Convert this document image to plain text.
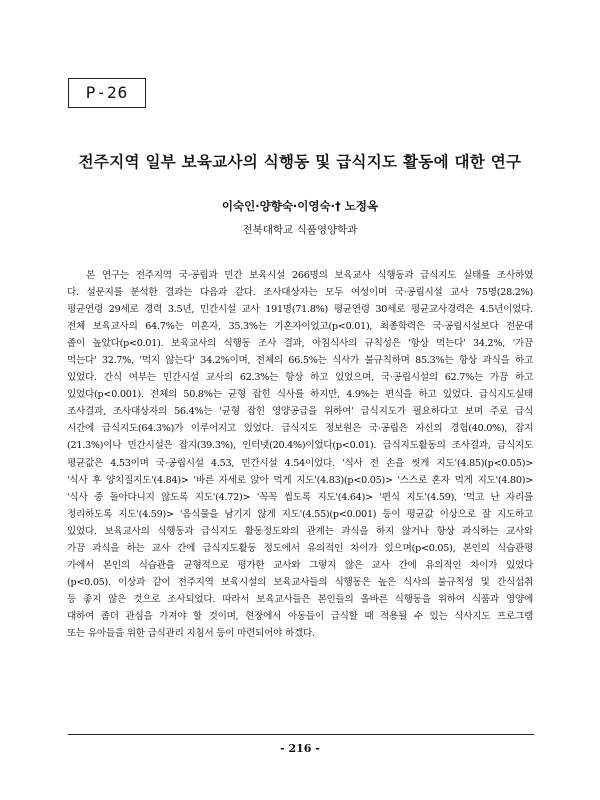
P-26
전주지역 일부 보육교사의 식행동 및 급식지도 활동에 대한 연구
이숙인·양향숙·이영숙·† 노정옥
전북대학교 식품영양학과
본 연구는 전주지역 국·공립과 민간 보육시설 266명의 보육교사 식행동과 급식지도 실태를 조사하였
다. 설문지를 분석한 결과는 다음과 같다. 조사대상자는 모두 여성이며 국·공립시설 교사 75명(28.2%)
평균연령 29세로 경력 3.5년, 민간시설 교사 191명(71.8%) 평균연령 30세로 평균교사경력은 4.5년이었다.
전체 보육교사의 64.7%는 미혼자, 35.3%는 기혼자이었고(p<0.01), 최종학력은 국·공립시설보다 전문대
졸이 높았다(p<0.01). 보육교사의 식행동 조사 결과, 아침식사의 규칙성은 '항상 먹는다' 34.2%, '가끔
먹는다' 32.7%, '먹지 않는다' 34.2%이며, 전체의 66.5%는 식사가 불규칙하며 85.3%는 항상 과식을 하고
있었다. 간식 여부는 민간시설 교사의 62.3%는 항상 하고 있었으며, 국·공립시설의 62.7%는 가끔 하고
있었다(p<0.001). 전체의 50.8%는 균형 잡힌 식사를 하지만, 4.9%는 편식을 하고 있었다. 급식지도실태
조사결과, 조사대상자의 56.4%는 '균형 잡힌 영양공급을 위하여' 급식지도가 필요하다고 보며 주로 급식
시간에 급식지도(64.3%)가 이루어지고 있었다. 급식지도 정보원은 국·공립은 자신의 경험(40.0%), 잡지
(21.3%)이나 민간시설은 잡지(39.3%), 인터넷(20.4%)이었다(p<0.01). 급식지도활동의 조사결과, 급식지도
평균값은 4.53이며 국·공립시설 4.53, 민간시설 4.54이었다. '식사 전 손을 씻게 지도'(4.85)(p<0.05)>
'식사 후 양치질지도'(4.84)> '바른 자세로 앉아 먹게 지도'(4.83)(p<0.05)> '스스로 혼자 먹게 지도'(4.80)>
'식사 중 돌아다니지 않도록 지도'(4.72)> '꼭꼭 씹도록 지도'(4.64)> '편식 지도'(4.59), '먹고 난 자리를
정리하도록 지도'(4.59)> '음식물을 남기지 않게 지도'(4.55)(p<0.001) 등이 평균값 이상으로 잘 지도하고
있었다. 보육교사의 식행동과 급식지도 활동정도와의 관계는 과식을 하지 않거나 항상 과식하는 교사와
가끔 과식을 하는 교사 간에 급식지도활동 정도에서 유의적인 차이가 있으며(p<0.05), 본인의 식습관평
가에서 본인의 식습관을 균형적으로 평가한 교사와 그렇지 않은 교사 간에 유의적인 차이가 있었다
(p<0.05). 이상과 같이 전주지역 보육시설의 보육교사들의 식행동은 높은 식사의 불규칙성 및 간식섭취
등 좋지 않은 것으로 조사되었다. 따라서 보육교사들은 본인들의 올바른 식행동을 위하여 식품과 영양에
대하여 좀더 관심을 가져야 할 것이며, 현장에서 아동들이 급식할 때 적용될 수 있는 식사지도 프로그램
또는 유아들을 위한 급식관리 지침서 등이 마련되어야 하겠다.
- 216 -
